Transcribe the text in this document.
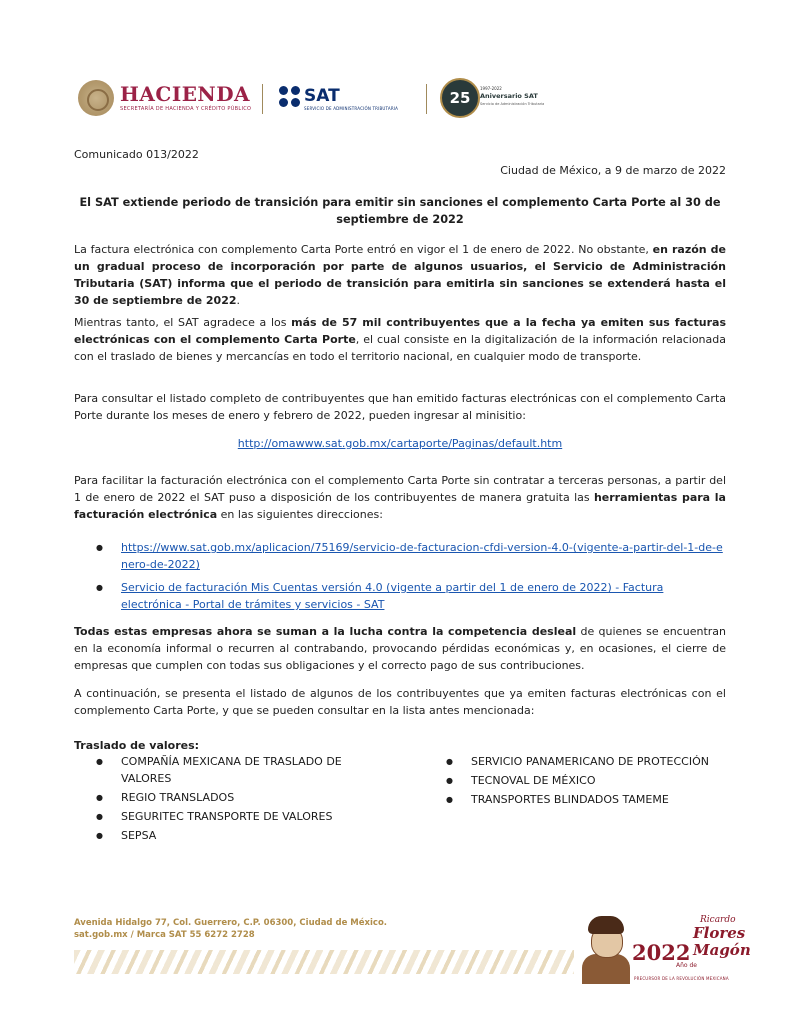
HACIENDA
SECRETARÍA DE HACIENDA Y CRÉDITO PÚBLICO
SAT
SERVICIO DE ADMINISTRACIÓN TRIBUTARIA
25
1997-2022
Aniversario SAT
Servicio de Administración Tributaria
Comunicado 013/2022
Ciudad de México, a 9 de marzo de 2022
El SAT extiende periodo de transición para emitir sin sanciones el complemento Carta Porte al 30 de septiembre de 2022
La factura electrónica con complemento Carta Porte entró en vigor el 1 de enero de 2022. No obstante, en razón de un gradual proceso de incorporación por parte de algunos usuarios, el Servicio de Administración Tributaria (SAT) informa que el periodo de transición para emitirla sin sanciones se extenderá hasta el 30 de septiembre de 2022.
Mientras tanto, el SAT agradece a los más de 57 mil contribuyentes que a la fecha ya emiten sus facturas electrónicas con el complemento Carta Porte, el cual consiste en la digitalización de la información relacionada con el traslado de bienes y mercancías en todo el territorio nacional, en cualquier modo de transporte.
Para consultar el listado completo de contribuyentes que han emitido facturas electrónicas con el complemento Carta Porte durante los meses de enero y febrero de 2022, pueden ingresar al minisitio:
http://omawww.sat.gob.mx/cartaporte/Paginas/default.htm
Para facilitar la facturación electrónica con el complemento Carta Porte sin contratar a terceras personas, a partir del 1 de enero de 2022 el SAT puso a disposición de los contribuyentes de manera gratuita las herramientas para la facturación electrónica en las siguientes direcciones:
● https://www.sat.gob.mx/aplicacion/75169/servicio-de-facturacion-cfdi-version-4.0-(vigente-a-partir-del-1-de-enero-de-2022)
● Servicio de facturación Mis Cuentas versión 4.0 (vigente a partir del 1 de enero de 2022) - Factura electrónica - Portal de trámites y servicios - SAT
Todas estas empresas ahora se suman a la lucha contra la competencia desleal de quienes se encuentran en la economía informal o recurren al contrabando, provocando pérdidas económicas y, en ocasiones, el cierre de empresas que cumplen con todas sus obligaciones y el correcto pago de sus contribuciones.
A continuación, se presenta el listado de algunos de los contribuyentes que ya emiten facturas electrónicas con el complemento Carta Porte, y que se pueden consultar en la lista antes mencionada:
Traslado de valores:
● COMPAÑÍA MEXICANA DE TRASLADO DE VALORES
● REGIO TRANSLADOS
● SEGURITEC TRANSPORTE DE VALORES
● SEPSA
● SERVICIO PANAMERICANO DE PROTECCIÓN
● TECNOVAL DE MÉXICO
● TRANSPORTES BLINDADOS TAMEME
Avenida Hidalgo 77, Col. Guerrero, C.P. 06300, Ciudad de México.
sat.gob.mx / Marca SAT 55 6272 2728
2022
Año de
Ricardo
Flores
Magón
PRECURSOR DE LA REVOLUCIÓN MEXICANA
